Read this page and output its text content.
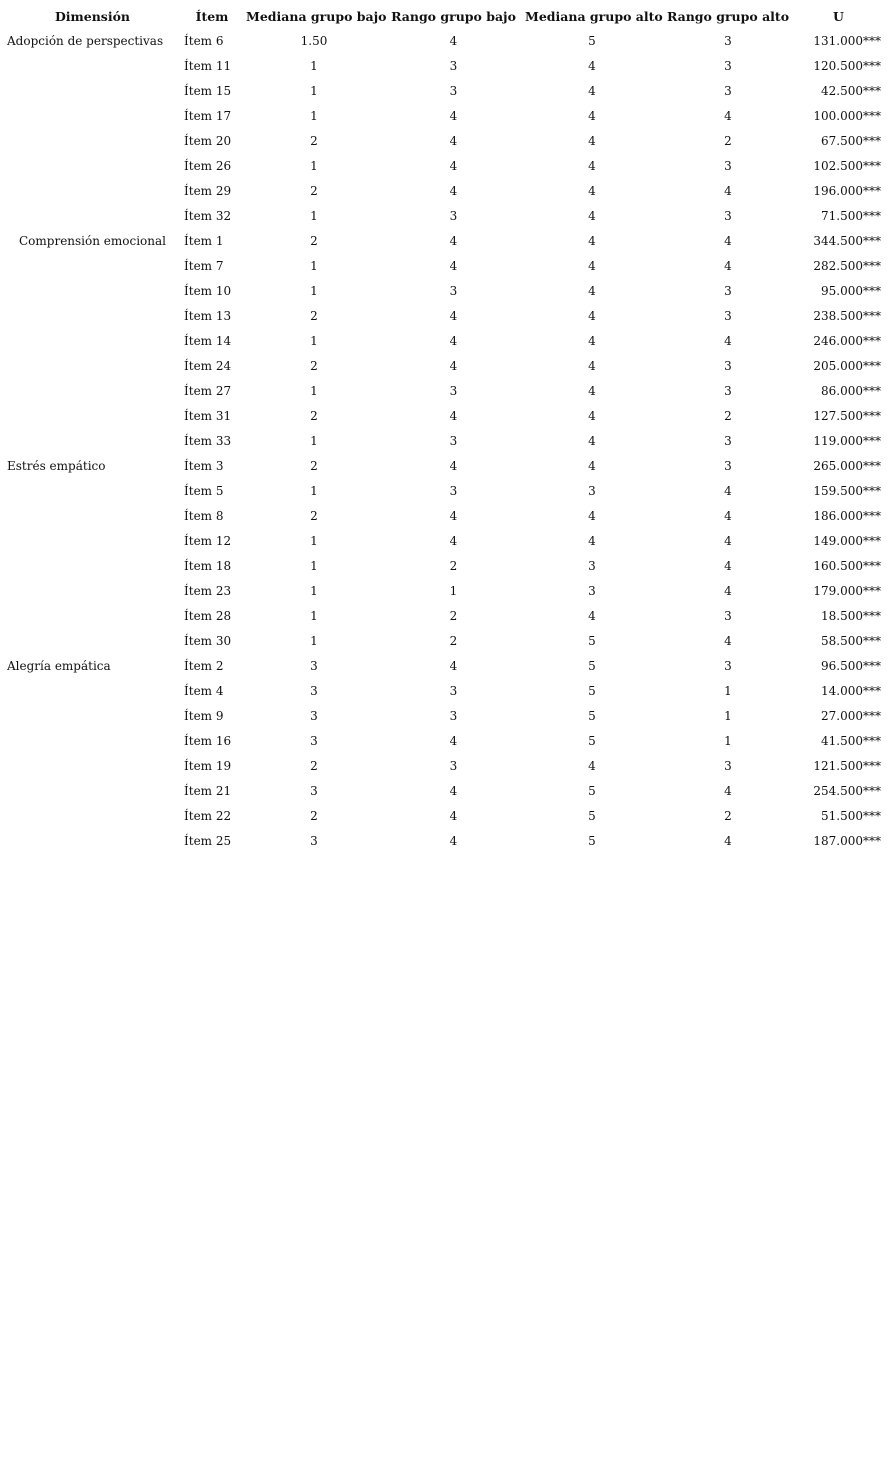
Dimensión	Ítem	Mediana grupo bajo	Rango grupo bajo	Mediana grupo alto	Rango grupo alto	U
Adopción de perspectivas	Ítem 6	1.50	4	5	3	131.000***
	Ítem 11	1	3	4	3	120.500***
	Ítem 15	1	3	4	3	42.500***
	Ítem 17	1	4	4	4	100.000***
	Ítem 20	2	4	4	2	67.500***
	Ítem 26	1	4	4	3	102.500***
	Ítem 29	2	4	4	4	196.000***
	Ítem 32	1	3	4	3	71.500***
Comprensión emocional	Ítem 1	2	4	4	4	344.500***
	Ítem 7	1	4	4	4	282.500***
	Ítem 10	1	3	4	3	95.000***
	Ítem 13	2	4	4	3	238.500***
	Ítem 14	1	4	4	4	246.000***
	Ítem 24	2	4	4	3	205.000***
	Ítem 27	1	3	4	3	86.000***
	Ítem 31	2	4	4	2	127.500***
	Ítem 33	1	3	4	3	119.000***
Estrés empático	Ítem 3	2	4	4	3	265.000***
	Ítem 5	1	3	3	4	159.500***
	Ítem 8	2	4	4	4	186.000***
	Ítem 12	1	4	4	4	149.000***
	Ítem 18	1	2	3	4	160.500***
	Ítem 23	1	1	3	4	179.000***
	Ítem 28	1	2	4	3	18.500***
	Ítem 30	1	2	5	4	58.500***
Alegría empática	Ítem 2	3	4	5	3	96.500***
	Ítem 4	3	3	5	1	14.000***
	Ítem 9	3	3	5	1	27.000***
	Ítem 16	3	4	5	1	41.500***
	Ítem 19	2	3	4	3	121.500***
	Ítem 21	3	4	5	4	254.500***
	Ítem 22	2	4	5	2	51.500***
	Ítem 25	3	4	5	4	187.000***
